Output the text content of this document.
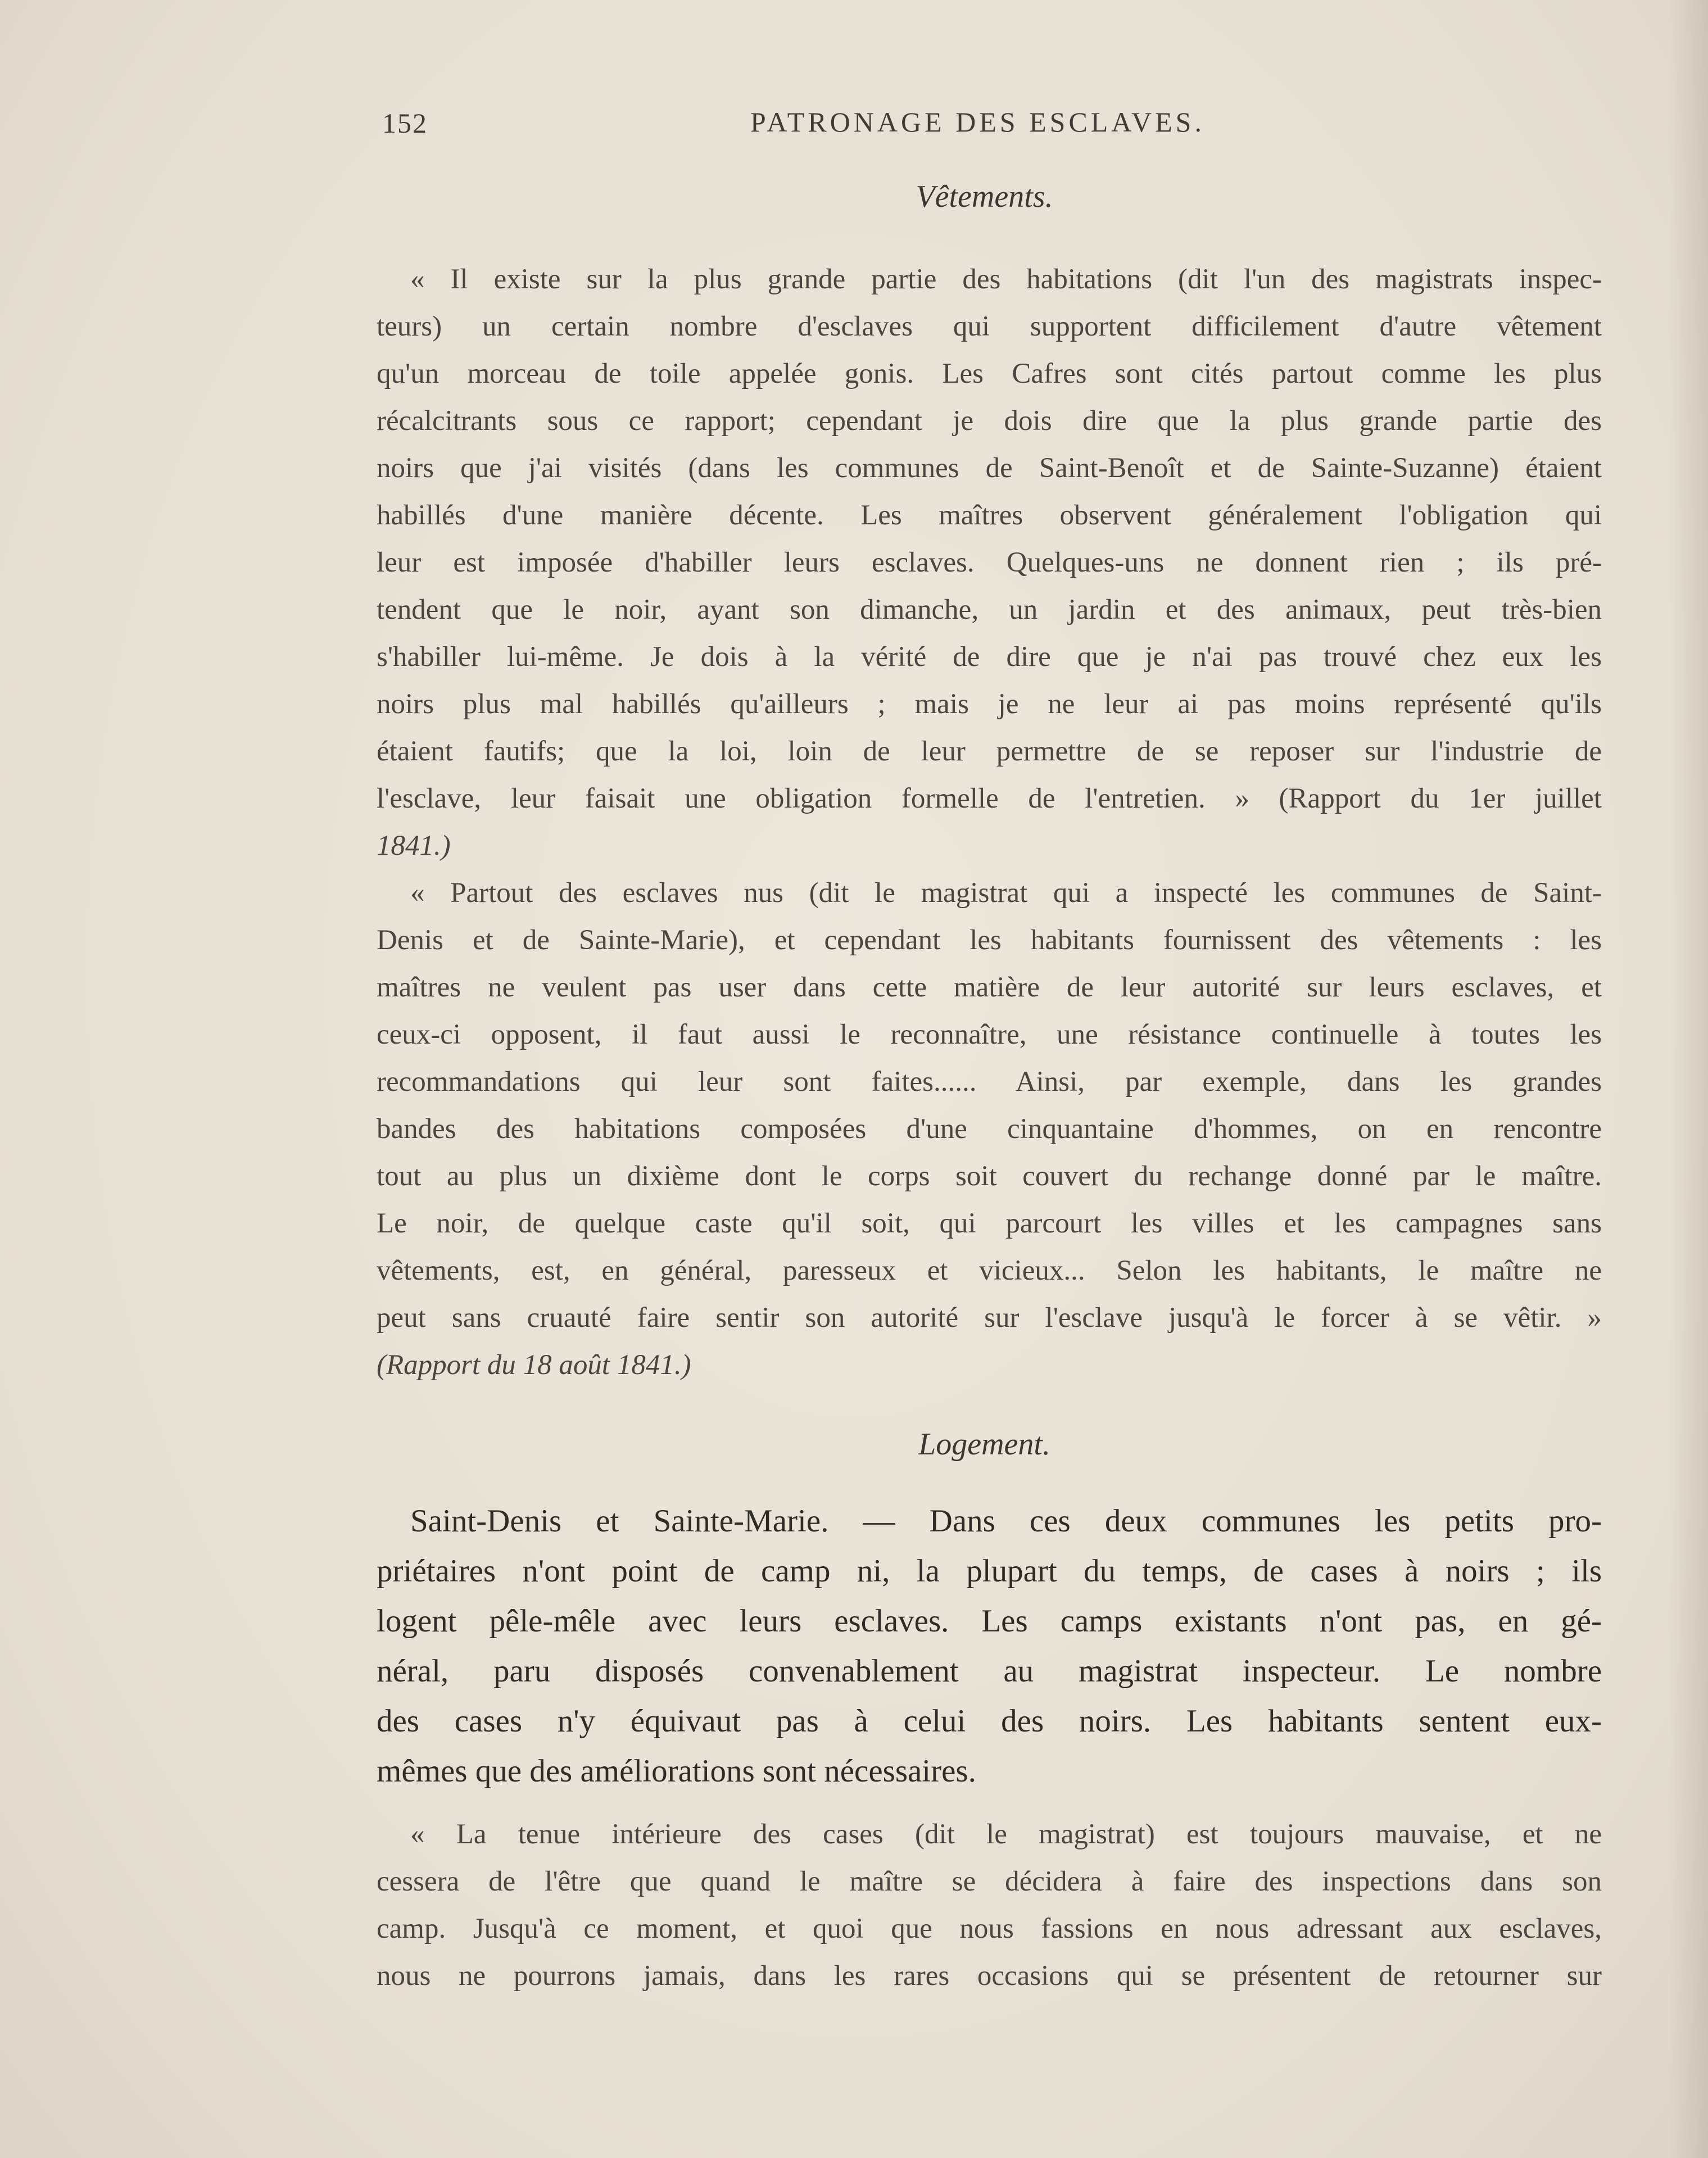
152	PATRONAGE DES ESCLAVES.
Vêtements.
« Il existe sur la plus grande partie des habitations (dit l'un des magistrats inspec-
teurs) un certain nombre d'esclaves qui supportent difficilement d'autre vêtement
qu'un morceau de toile appelée gonis. Les Cafres sont cités partout comme les plus
récalcitrants sous ce rapport; cependant je dois dire que la plus grande partie des
noirs que j'ai visités (dans les communes de Saint-Benoît et de Sainte-Suzanne) étaient
habillés d'une manière décente. Les maîtres observent généralement l'obligation qui
leur est imposée d'habiller leurs esclaves. Quelques-uns ne donnent rien ; ils pré-
tendent que le noir, ayant son dimanche, un jardin et des animaux, peut très-bien
s'habiller lui-même. Je dois à la vérité de dire que je n'ai pas trouvé chez eux les
noirs plus mal habillés qu'ailleurs ; mais je ne leur ai pas moins représenté qu'ils
étaient fautifs; que la loi, loin de leur permettre de se reposer sur l'industrie de
l'esclave, leur faisait une obligation formelle de l'entretien. » (Rapport du 1er juillet
1841.)
« Partout des esclaves nus (dit le magistrat qui a inspecté les communes de Saint-
Denis et de Sainte-Marie), et cependant les habitants fournissent des vêtements : les
maîtres ne veulent pas user dans cette matière de leur autorité sur leurs esclaves, et
ceux-ci opposent, il faut aussi le reconnaître, une résistance continuelle à toutes les
recommandations qui leur sont faites...... Ainsi, par exemple, dans les grandes
bandes des habitations composées d'une cinquantaine d'hommes, on en rencontre
tout au plus un dixième dont le corps soit couvert du rechange donné par le maître.
Le noir, de quelque caste qu'il soit, qui parcourt les villes et les campagnes sans
vêtements, est, en général, paresseux et vicieux... Selon les habitants, le maître ne
peut sans cruauté faire sentir son autorité sur l'esclave jusqu'à le forcer à se vêtir. »
(Rapport du 18 août 1841.)
Logement.
Saint-Denis et Sainte-Marie. — Dans ces deux communes les petits pro-
priétaires n'ont point de camp ni, la plupart du temps, de cases à noirs ; ils
logent pêle-mêle avec leurs esclaves. Les camps existants n'ont pas, en gé-
néral, paru disposés convenablement au magistrat inspecteur. Le nombre
des cases n'y équivaut pas à celui des noirs. Les habitants sentent eux-
mêmes que des améliorations sont nécessaires.
« La tenue intérieure des cases (dit le magistrat) est toujours mauvaise, et ne
cessera de l'être que quand le maître se décidera à faire des inspections dans son
camp. Jusqu'à ce moment, et quoi que nous fassions en nous adressant aux esclaves,
nous ne pourrons jamais, dans les rares occasions qui se présentent de retourner sur
